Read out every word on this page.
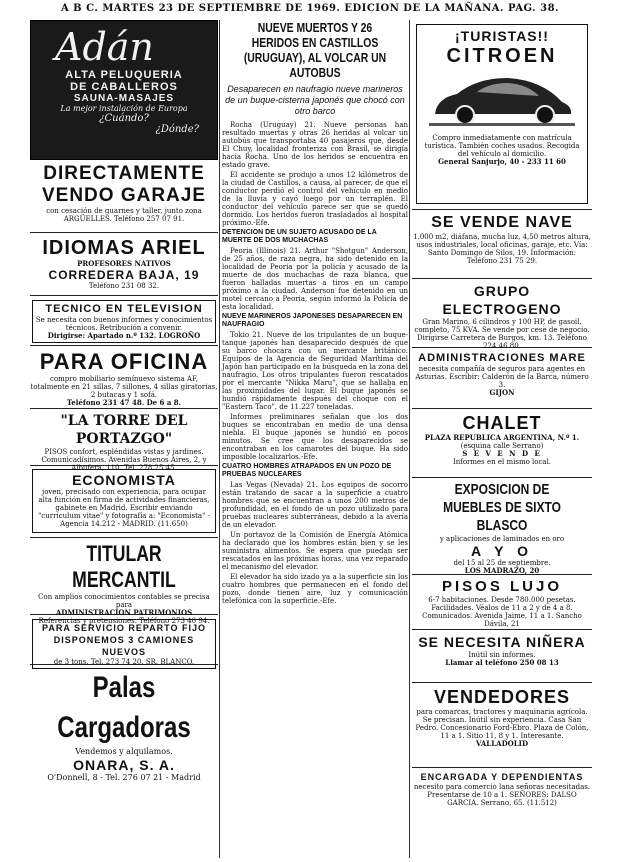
A B C. MARTES 23 DE SEPTIEMBRE DE 1969. EDICION DE LA MAÑANA. PAG. 38.
Adán
ALTA PELUQUERIA
DE CABALLEROS
SAUNA-MASAJES
La mejor instalación de Europa
¿Cuándo?
¿Dónde?
DIRECTAMENTE
VENDO GARAJE
con cesación de guarnes y taller, junto zona ARGÜELLES. Teléfono 257 07 91.
IDIOMAS ARIEL
PROFESORES NATIVOS
CORREDERA BAJA, 19
Teléfono 231 08 32.
TECNICO EN TELEVISION
Se necesita con buenos informes y conocimientos técnicos. Retribución a convenir.
Dirigirse: Apartado n.º 132. LOGROÑO
PARA OFICINA
compro mobiliario semínuevo sistema AF, totalmente en 21 sillas, 7 sillones, 4 sillas giratorias, 2 butacas y 1 sofá.
Teléfono 231 47 48. De 6 a 8.
"LA TORRE DEL PORTAZGO"
PISOS confort, espléndidas vistas y jardines. Comunicadísimos. Avenidas Buenos Aires, 2, y Albufera, 110. Tel. 278 25 45.
ECONOMISTA
joven, precisado con experiencia, para ocupar alta función en firma de actividades financieras, gabinete en Madrid. Escribir enviando "curriculum vitae" y fotografía a: "Economista" - Agencia 14.212 - MADRID. (11.650)
TITULAR MERCANTIL
Con amplios conocimientos contables se precisa para
ADMINISTRACION PATRIMONIOS
Referencias y pretensiones. Teléfono 273 40 94.
PARA SERVICIO REPARTO FIJO
DISPONEMOS 3 CAMIONES NUEVOS
de 3 tons. Tel. 273 74 20. SR. BLANCO.
Palas Cargadoras
Vendemos y alquilamos.
ONARA, S. A.
O'Donnell, 8 - Tel. 276 07 21 - Madrid
NUEVE MUERTOS Y 26 HERIDOS EN CASTILLOS (URUGUAY), AL VOLCAR UN AUTOBUS
Desaparecen en naufragio nueve marineros de un buque-cisterna japonés que chocó con otro barco

Rocha (Uruguay) 21. Nueve personas han resultado muertas y otras 26 heridas al volcar un autobús que transportaba 40 pasajeros que, desde El Chuy, localidad fronteriza con Brasil, se dirigía hacia Rocha. Uno de los heridos se encuentra en estado grave.

El accidente se produjo a unos 12 kilómetros de la ciudad de Castillos, a causa, al parecer, de que el conductor perdió el control del vehículo en medio de la lluvia y cayó luego por un terraplén. El conductor del vehículo parece ser que se quedó dormido. Los heridos fueron trasladados al hospital próximo.-Efe.

DETENCION DE UN SUJETO ACUSADO DE LA MUERTE DE DOS MUCHACHAS

Peoria (Illinois) 21. Arthur "Shotgun" Anderson, de 25 años, de raza negra, ha sido detenido en la localidad de Peoria por la policía y acusado de la muerte de dos muchachas de raza blanca, que fueron halladas muertas a tiros en un campo próximo a la ciudad. Anderson fue detenido en un motel cercano a Peoria, según informó la Policía de esta localidad.

NUEVE MARINEROS JAPONESES DESAPARECEN EN NAUFRAGIO

Tokio 21. Nueve de los tripulantes de un buque-tanque japonés han desaparecido después de que su barco chocara con un mercante británico. Equipos de la Agencia de Seguridad Marítima del Japón han participado en la búsqueda en la zona del naufragio. Los otros tripulantes fueron rescatados por el mercante "Nikka Maru", que se hallaba en las proximidades del lugar. El buque japonés se hundió rápidamente después del choque con el "Eastern Taco", de 11.227 toneladas.

Informes preliminares señalan que los dos buques se encontraban en medio de una densa niebla. El buque japonés se hundió en pocos minutos. Se cree que los desaparecidos se encontraban en los camarotes del buque. Ha sido imposible localizarlos.-Efe.

CUATRO HOMBRES ATRAPADOS EN UN POZO DE PRUEBAS NUCLEARES

Las Vegas (Nevada) 21. Los equipos de socorro están tratando de sacar a la superficie a cuatro hombres que se encuentran a unos 200 metros de profundidad, en el fondo de un pozo utilizado para pruebas nucleares subterráneas, debido a la avería de un elevador.

Un portavoz de la Comisión de Energía Atómica ha declarado que los hombres están bien y se les suministra alimentos. Se espera que puedan ser rescatados en las próximas horas, una vez reparado el mecanismo del elevador.

El elevador ha sido izado ya a la superficie sin los cuatro hombres que permanecen en el fondo del pozo, donde tienen aire, luz y comunicación telefónica con la superficie.-Efe.

¡TURISTAS!!
CITROEN
Compro inmediatamente con matrícula turística. También coches usados. Recogida del vehículo al domicilio.
General Sanjurjo, 40 - 233 11 60
SE VENDE NAVE
1.000 m2, diáfana, mucha luz, 4,50 metros altura, usos industriales, local oficinas, garaje, etc. Vía: Santo Domingo de Silos, 19. Información: Teléfono 231 75 29.
GRUPO ELECTROGENO
Gran Marino, 6 cilindros y 100 HP, de gasoil, completo, 75 KVA. Se vende por cese de negocio. Dirigirse Carretera de Burgos, km. 13. Teléfono 224 46 80.
ADMINISTRACIONES MARE
necesita compañía de seguros para agentes en Asturias. Escribir: Calderón de la Barca, número 3.
GIJON
CHALET
PLAZA REPUBLICA ARGENTINA, N.º 1.
(esquina calle Serrano)
S E V E N D E
Informes en el mismo local.
EXPOSICION DE MUEBLES DE SIXTO BLASCO
y aplicaciones de laminados en oro
A Y O
del 15 al 25 de septiembre.
LOS MADRAZO, 20
PISOS LUJO
6-7 habitaciones. Desde 780.000 pesetas. Facilidades. Véalos de 11 a 2 y de 4 a 8. Comunicados. Avenida Jaime, 11 a 1. Sancho Dávila, 21
SE NECESITA NIÑERA
Inútil sin informes.
Llamar al teléfono 250 08 13
VENDEDORES
para comarcas, tractores y maquinaria agrícola. Se precisan. Inútil sin experiencia. Casa San Pedro. Concesionario Ford-Ebro. Plaza de Colón, 11 a 1. Sitio 11, 8 y 1. Interesante.
VALLADOLID
ENCARGADA Y DEPENDIENTAS
necesito para comercio lana señoras necesitadas. Presentarse de 10 a 1. SEÑORES: DALSO GARCIA. Serrano, 65. (11.512)
